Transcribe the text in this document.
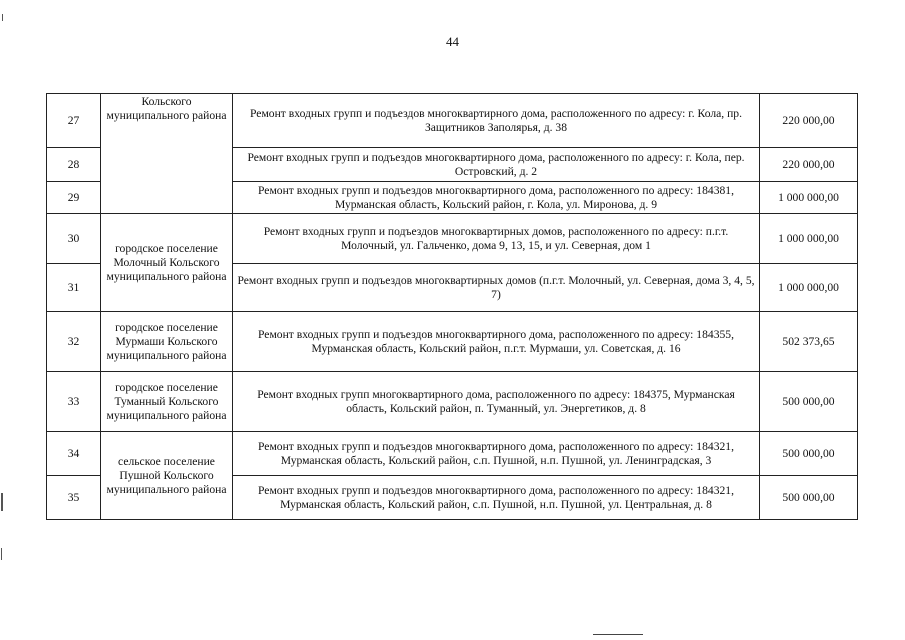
44
27	Кольского муниципального района	Ремонт входных групп и подъездов многоквартирного дома, расположенного по адресу: г. Кола, пр. Защитников Заполярья, д. 38	220 000,00
28		Ремонт входных групп и подъездов многоквартирного дома, расположенного по адресу: г. Кола, пер. Островский, д. 2	220 000,00
29		Ремонт входных групп и подъездов многоквартирного дома, расположенного по адресу: 184381, Мурманская область, Кольский район, г. Кола, ул. Миронова, д. 9	1 000 000,00
30	городское поселение Молочный Кольского муниципального района	Ремонт входных групп и подъездов многоквартирных домов, расположенного по адресу: п.г.т. Молочный, ул. Гальченко, дома 9, 13, 15, и ул. Северная, дом 1	1 000 000,00
31		Ремонт входных групп и подъездов многоквартирных домов (п.г.т. Молочный, ул. Северная, дома 3, 4, 5, 7)	1 000 000,00
32	городское поселение Мурмаши Кольского муниципального района	Ремонт входных групп и подъездов многоквартирного дома, расположенного по адресу: 184355, Мурманская область, Кольский район, п.г.т. Мурмаши, ул. Советская, д. 16	502 373,65
33	городское поселение Туманный Кольского муниципального района	Ремонт входных групп многоквартирного дома, расположенного по адресу: 184375, Мурманская область, Кольский район, п. Туманный, ул. Энергетиков, д. 8	500 000,00
34	сельское поселение Пушной Кольского муниципального района	Ремонт входных групп и подъездов многоквартирного дома, расположенного по адресу: 184321, Мурманская область, Кольский район, с.п. Пушной, н.п. Пушной, ул. Ленинградская, 3	500 000,00
35		Ремонт входных групп и подъездов многоквартирного дома, расположенного по адресу: 184321, Мурманская область, Кольский район, с.п. Пушной, н.п. Пушной, ул. Центральная, д. 8	500 000,00
